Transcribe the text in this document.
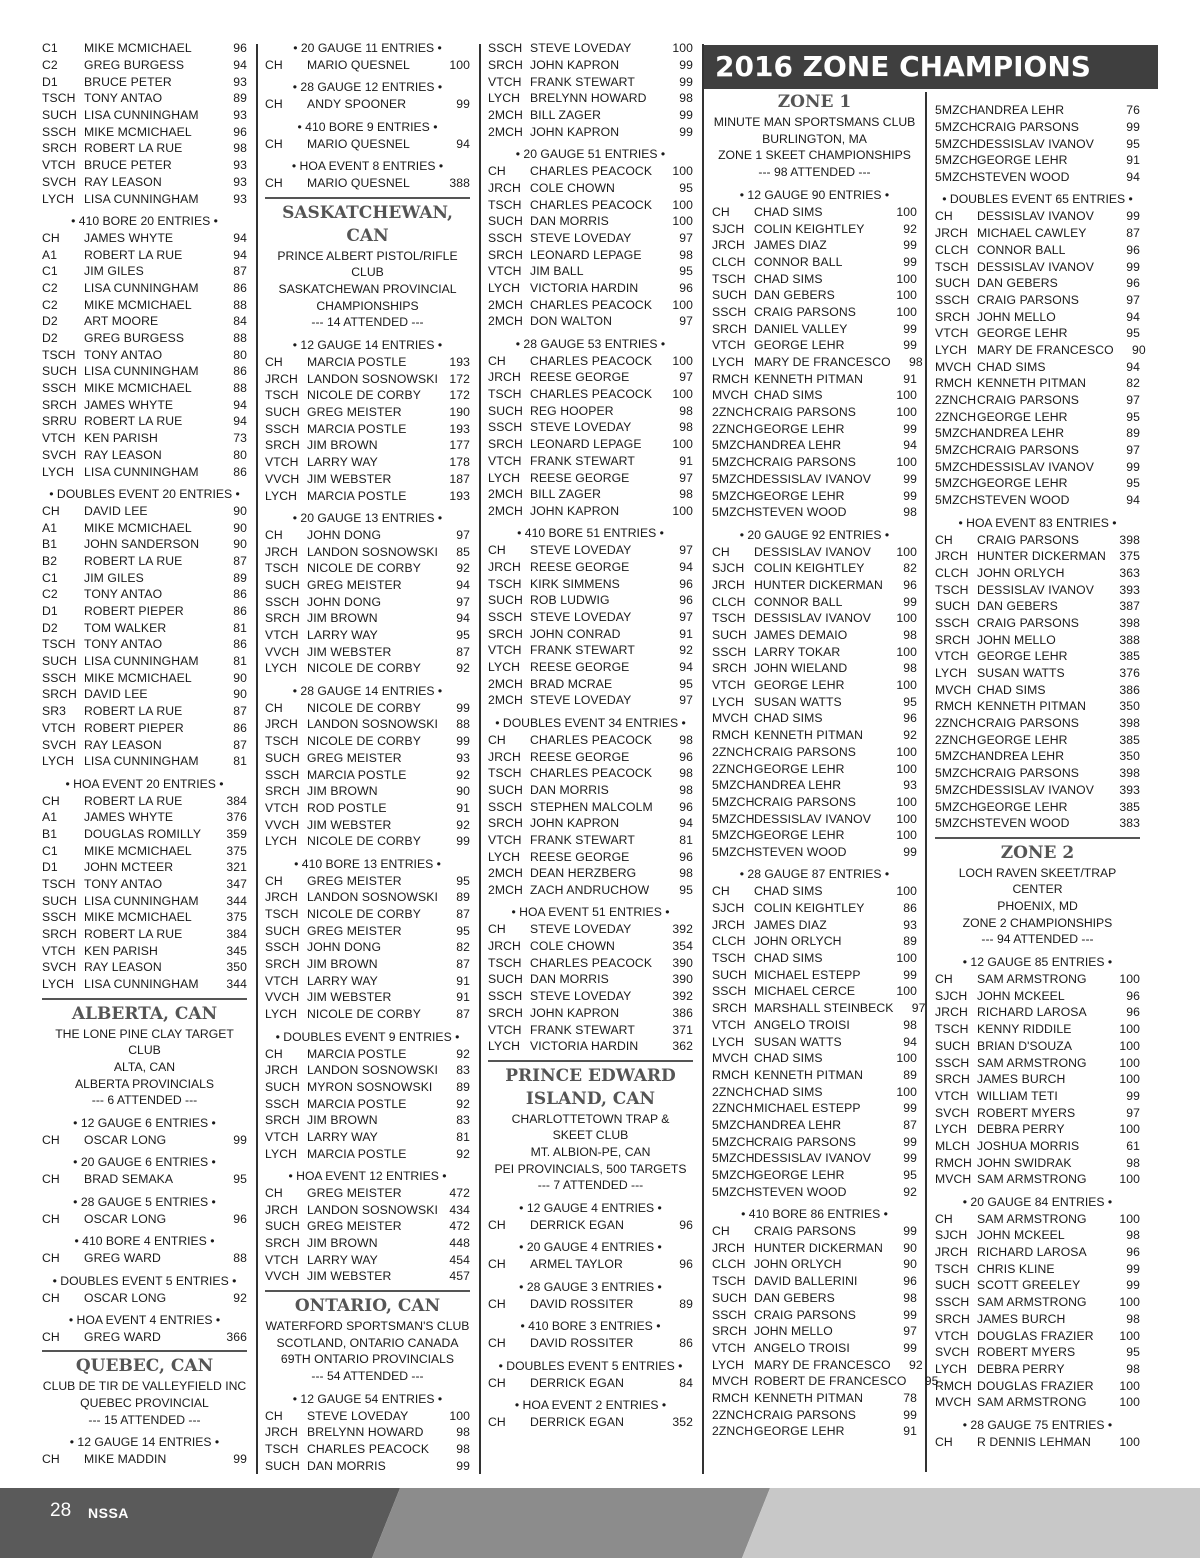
2016 ZONE CHAMPIONS
C1	MIKE MCMICHAEL	96
C2	GREG BURGESS	94
D1	BRUCE PETER	93
TSCH TONY ANTAO	89
SUCH LISA CUNNINGHAM	93
SSCH MIKE MCMICHAEL	96
SRCH ROBERT LA RUE	98
VTCH BRUCE PETER	93
SVCH RAY LEASON	93
LYCH LISA CUNNINGHAM	93
• 410 BORE 20 ENTRIES •
CH	JAMES WHYTE	94
A1	ROBERT LA RUE	94
C1	JIM GILES	87
C2	LISA CUNNINGHAM	86
C2	MIKE MCMICHAEL	88
D2	ART MOORE	84
D2	GREG BURGESS	88
TSCH TONY ANTAO	80
SUCH LISA CUNNINGHAM	86
SSCH MIKE MCMICHAEL	88
SRCH JAMES WHYTE	94
SRRU ROBERT LA RUE	94
VTCH KEN PARISH	73
SVCH RAY LEASON	80
LYCH LISA CUNNINGHAM	86
• DOUBLES EVENT 20 ENTRIES •
CH	DAVID LEE	90
A1	MIKE MCMICHAEL	90
B1	JOHN SANDERSON	90
B2	ROBERT LA RUE	87
C1	JIM GILES	89
C2	TONY ANTAO	86
D1	ROBERT PIEPER	86
D2	TOM WALKER	81
TSCH TONY ANTAO	86
SUCH LISA CUNNINGHAM	81
SSCH MIKE MCMICHAEL	90
SRCH DAVID LEE	90
SR3	ROBERT LA RUE	87
VTCH ROBERT PIEPER	86
SVCH RAY LEASON	87
LYCH LISA CUNNINGHAM	81
• HOA EVENT 20 ENTRIES •
CH	ROBERT LA RUE	384
A1	JAMES WHYTE	376
B1	DOUGLAS ROMILLY	359
C1	MIKE MCMICHAEL	375
D1	JOHN MCTEER	321
TSCH TONY ANTAO	347
SUCH LISA CUNNINGHAM	344
SSCH MIKE MCMICHAEL	375
SRCH ROBERT LA RUE	384
VTCH KEN PARISH	345
SVCH RAY LEASON	350
LYCH LISA CUNNINGHAM	344
ALBERTA, CAN
THE LONE PINE CLAY TARGET CLUB
ALTA, CAN
ALBERTA PROVINCIALS
--- 6 ATTENDED ---
• 12 GAUGE 6 ENTRIES •
CH	OSCAR LONG	99
• 20 GAUGE 6 ENTRIES •
CH	BRAD SEMAKA	95
• 28 GAUGE 5 ENTRIES •
CH	OSCAR LONG	96
• 410 BORE 4 ENTRIES •
CH	GREG WARD	88
• DOUBLES EVENT 5 ENTRIES •
CH	OSCAR LONG	92
• HOA EVENT 4 ENTRIES •
CH	GREG WARD	366
QUEBEC, CAN
CLUB DE TIR DE VALLEYFIELD INC
QUEBEC PROVINCIAL
--- 15 ATTENDED ---
• 12 GAUGE 14 ENTRIES •
CH	MIKE MADDIN	99
• 20 GAUGE 11 ENTRIES •
CH	MARIO QUESNEL	100
• 28 GAUGE 12 ENTRIES •
CH	ANDY SPOONER	99
• 410 BORE 9 ENTRIES •
CH	MARIO QUESNEL	94
• HOA EVENT 8 ENTRIES •
CH	MARIO QUESNEL	388
SASKATCHEWAN, CAN
PRINCE ALBERT PISTOL/RIFLE CLUB
SASKATCHEWAN PROVINCIAL
CHAMPIONSHIPS
--- 14 ATTENDED ---
• 12 GAUGE 14 ENTRIES •
CH	MARCIA POSTLE	193
JRCH LANDON SOSNOWSKI 172
TSCH NICOLE DE CORBY	172
SUCH GREG MEISTER	190
SSCH MARCIA POSTLE	193
SRCH JIM BROWN	177
VTCH LARRY WAY	178
VVCH JIM WEBSTER	187
LYCH MARCIA POSTLE	193
• 20 GAUGE 13 ENTRIES •
CH	JOHN DONG	97
JRCH LANDON SOSNOWSKI	85
TSCH NICOLE DE CORBY	92
SUCH GREG MEISTER	94
SSCH JOHN DONG	97
SRCH JIM BROWN	94
VTCH LARRY WAY	95
VVCH JIM WEBSTER	87
LYCH NICOLE DE CORBY	92
• 28 GAUGE 14 ENTRIES •
CH	NICOLE DE CORBY	99
JRCH LANDON SOSNOWSKI	88
TSCH NICOLE DE CORBY	99
SUCH GREG MEISTER	93
SSCH MARCIA POSTLE	92
SRCH JIM BROWN	90
VTCH ROD POSTLE	91
VVCH JIM WEBSTER	92
LYCH NICOLE DE CORBY	99
• 410 BORE 13 ENTRIES •
CH	GREG MEISTER	95
JRCH LANDON SOSNOWSKI	89
TSCH NICOLE DE CORBY	87
SUCH GREG MEISTER	95
SSCH JOHN DONG	82
SRCH JIM BROWN	87
VTCH LARRY WAY	91
VVCH JIM WEBSTER	91
LYCH NICOLE DE CORBY	87
• DOUBLES EVENT 9 ENTRIES •
CH	MARCIA POSTLE	92
JRCH LANDON SOSNOWSKI	83
SUCH MYRON SOSNOWSKI	89
SSCH MARCIA POSTLE	92
SRCH JIM BROWN	83
VTCH LARRY WAY	81
LYCH MARCIA POSTLE	92
• HOA EVENT 12 ENTRIES •
CH	GREG MEISTER	472
JRCH LANDON SOSNOWSKI 434
SUCH GREG MEISTER	472
SRCH JIM BROWN	448
VTCH LARRY WAY	454
VVCH JIM WEBSTER	457
ONTARIO, CAN
WATERFORD SPORTSMAN'S CLUB
SCOTLAND, ONTARIO CANADA
69TH ONTARIO PROVINCIALS
--- 54 ATTENDED ---
• 12 GAUGE 54 ENTRIES •
CH	STEVE LOVEDAY	100
JRCH BRELYNN HOWARD	98
TSCH CHARLES PEACOCK	98
SUCH DAN MORRIS	99
SSCH STEVE LOVEDAY	100
SRCH JOHN KAPRON	99
VTCH FRANK STEWART	99
LYCH BRELYNN HOWARD	98
2MCH BILL ZAGER	99
2MCH JOHN KAPRON	99
• 20 GAUGE 51 ENTRIES •
CH	CHARLES PEACOCK	100
JRCH COLE CHOWN	95
TSCH CHARLES PEACOCK	100
SUCH DAN MORRIS	100
SSCH STEVE LOVEDAY	97
SRCH LEONARD LEPAGE	98
VTCH JIM BALL	95
LYCH VICTORIA HARDIN	96
2MCH CHARLES PEACOCK	100
2MCH DON WALTON	97
• 28 GAUGE 53 ENTRIES •
CH	CHARLES PEACOCK	100
JRCH REESE GEORGE	97
TSCH CHARLES PEACOCK	100
SUCH REG HOOPER	98
SSCH STEVE LOVEDAY	98
SRCH LEONARD LEPAGE	100
VTCH FRANK STEWART	91
LYCH REESE GEORGE	97
2MCH BILL ZAGER	98
2MCH JOHN KAPRON	100
• 410 BORE 51 ENTRIES •
CH	STEVE LOVEDAY	97
JRCH REESE GEORGE	94
TSCH KIRK SIMMENS	96
SUCH ROB LUDWIG	96
SSCH STEVE LOVEDAY	97
SRCH JOHN CONRAD	91
VTCH FRANK STEWART	92
LYCH REESE GEORGE	94
2MCH BRAD MCRAE	95
2MCH STEVE LOVEDAY	97
• DOUBLES EVENT 34 ENTRIES •
CH	CHARLES PEACOCK	98
JRCH REESE GEORGE	96
TSCH CHARLES PEACOCK	98
SUCH DAN MORRIS	98
SSCH STEPHEN MALCOLM	96
SRCH JOHN KAPRON	94
VTCH FRANK STEWART	81
LYCH REESE GEORGE	96
2MCH DEAN HERZBERG	98
2MCH ZACH ANDRUCHOW	95
• HOA EVENT 51 ENTRIES •
CH	STEVE LOVEDAY	392
JRCH COLE CHOWN	354
TSCH CHARLES PEACOCK	390
SUCH DAN MORRIS	390
SSCH STEVE LOVEDAY	392
SRCH JOHN KAPRON	386
VTCH FRANK STEWART	371
LYCH VICTORIA HARDIN	362
PRINCE EDWARD ISLAND, CAN
CHARLOTTETOWN TRAP &
SKEET CLUB
MT. ALBION-PE, CAN
PEI PROVINCIALS, 500 TARGETS
--- 7 ATTENDED ---
• 12 GAUGE 4 ENTRIES •
CH	DERRICK EGAN	96
• 20 GAUGE 4 ENTRIES •
CH	ARMEL TAYLOR	96
• 28 GAUGE 3 ENTRIES •
CH	DAVID ROSSITER	89
• 410 BORE 3 ENTRIES •
CH	DAVID ROSSITER	86
• DOUBLES EVENT 5 ENTRIES •
CH	DERRICK EGAN	84
• HOA EVENT 2 ENTRIES •
CH	DERRICK EGAN	352
ZONE 1
MINUTE MAN SPORTSMANS CLUB
BURLINGTON, MA
ZONE 1 SKEET CHAMPIONSHIPS
--- 98 ATTENDED ---
• 12 GAUGE 90 ENTRIES •
CH	CHAD SIMS	100
SJCH COLIN KEIGHTLEY	92
JRCH JAMES DIAZ	99
CLCH CONNOR BALL	99
TSCH CHAD SIMS	100
SUCH DAN GEBERS	100
SSCH CRAIG PARSONS	100
SRCH DANIEL VALLEY	99
VTCH GEORGE LEHR	99
LYCH MARY DE FRANCESCO	98
RMCH KENNETH PITMAN	91
MVCH CHAD SIMS	100
2ZNCH CRAIG PARSONS	100
2ZNCH GEORGE LEHR	99
5MZCH ANDREA LEHR	94
5MZCH CRAIG PARSONS	100
5MZCH DESSISLAV IVANOV	99
5MZCH GEORGE LEHR	99
5MZCH STEVEN WOOD	98
• 20 GAUGE 92 ENTRIES •
CH	DESSISLAV IVANOV	100
SJCH COLIN KEIGHTLEY	82
JRCH HUNTER DICKERMAN	96
CLCH CONNOR BALL	99
TSCH DESSISLAV IVANOV	100
SUCH JAMES DEMAIO	98
SSCH LARRY TOKAR	100
SRCH JOHN WIELAND	98
VTCH GEORGE LEHR	100
LYCH SUSAN WATTS	95
MVCH CHAD SIMS	96
RMCH KENNETH PITMAN	92
2ZNCH CRAIG PARSONS	100
2ZNCH GEORGE LEHR	100
5MZCH ANDREA LEHR	93
5MZCH CRAIG PARSONS	100
5MZCH DESSISLAV IVANOV	100
5MZCH GEORGE LEHR	100
5MZCH STEVEN WOOD	99
• 28 GAUGE 87 ENTRIES •
CH	CHAD SIMS	100
SJCH COLIN KEIGHTLEY	86
JRCH JAMES DIAZ	93
CLCH JOHN ORLYCH	89
TSCH CHAD SIMS	100
SUCH MICHAEL ESTEPP	99
SSCH MICHAEL CERCE	100
SRCH MARSHALL STEINBECK	97
VTCH ANGELO TROISI	98
LYCH SUSAN WATTS	94
MVCH CHAD SIMS	100
RMCH KENNETH PITMAN	89
2ZNCH CHAD SIMS	100
2ZNCH MICHAEL ESTEPP	99
5MZCH ANDREA LEHR	87
5MZCH CRAIG PARSONS	99
5MZCH DESSISLAV IVANOV	99
5MZCH GEORGE LEHR	95
5MZCH STEVEN WOOD	92
• 410 BORE 86 ENTRIES •
CH	CRAIG PARSONS	99
JRCH HUNTER DICKERMAN	90
CLCH JOHN ORLYCH	90
TSCH DAVID BALLERINI	96
SUCH DAN GEBERS	98
SSCH CRAIG PARSONS	99
SRCH JOHN MELLO	97
VTCH ANGELO TROISI	99
LYCH MARY DE FRANCESCO	92
MVCH ROBERT DE FRANCESCO	95
RMCH KENNETH PITMAN	78
2ZNCH CRAIG PARSONS	99
2ZNCH GEORGE LEHR	91
5MZCH ANDREA LEHR	76
5MZCH CRAIG PARSONS	99
5MZCH DESSISLAV IVANOV	95
5MZCH GEORGE LEHR	91
5MZCH STEVEN WOOD	94
• DOUBLES EVENT 65 ENTRIES •
CH	DESSISLAV IVANOV	99
JRCH MICHAEL CAWLEY	87
CLCH CONNOR BALL	96
TSCH DESSISLAV IVANOV	99
SUCH DAN GEBERS	96
SSCH CRAIG PARSONS	97
SRCH JOHN MELLO	94
VTCH GEORGE LEHR	95
LYCH MARY DE FRANCESCO	90
MVCH CHAD SIMS	94
RMCH KENNETH PITMAN	82
2ZNCH CRAIG PARSONS	97
2ZNCH GEORGE LEHR	95
5MZCH ANDREA LEHR	89
5MZCH CRAIG PARSONS	97
5MZCH DESSISLAV IVANOV	99
5MZCH GEORGE LEHR	95
5MZCH STEVEN WOOD	94
• HOA EVENT 83 ENTRIES •
CH	CRAIG PARSONS	398
JRCH HUNTER DICKERMAN	375
CLCH JOHN ORLYCH	363
TSCH DESSISLAV IVANOV	393
SUCH DAN GEBERS	387
SSCH CRAIG PARSONS	398
SRCH JOHN MELLO	388
VTCH GEORGE LEHR	385
LYCH SUSAN WATTS	376
MVCH CHAD SIMS	386
RMCH KENNETH PITMAN	350
2ZNCH CRAIG PARSONS	398
2ZNCH GEORGE LEHR	385
5MZCH ANDREA LEHR	350
5MZCH CRAIG PARSONS	398
5MZCH DESSISLAV IVANOV	393
5MZCH GEORGE LEHR	385
5MZCH STEVEN WOOD	383
ZONE 2
LOCH RAVEN SKEET/TRAP CENTER
PHOENIX, MD
ZONE 2 CHAMPIONSHIPS
--- 94 ATTENDED ---
• 12 GAUGE 85 ENTRIES •
CH	SAM ARMSTRONG	100
SJCH JOHN MCKEEL	96
JRCH RICHARD LAROSA	96
TSCH KENNY RIDDILE	100
SUCH BRIAN D'SOUZA	100
SSCH SAM ARMSTRONG	100
SRCH JAMES BURCH	100
VTCH WILLIAM TETI	99
SVCH ROBERT MYERS	97
LYCH DEBRA PERRY	100
MLCH JOSHUA MORRIS	61
RMCH JOHN SWIDRAK	98
MVCH SAM ARMSTRONG	100
• 20 GAUGE 84 ENTRIES •
CH	SAM ARMSTRONG	100
SJCH JOHN MCKEEL	98
JRCH RICHARD LAROSA	96
TSCH CHRIS KLINE	99
SUCH SCOTT GREELEY	99
SSCH SAM ARMSTRONG	100
SRCH JAMES BURCH	98
VTCH DOUGLAS FRAZIER	100
SVCH ROBERT MYERS	95
LYCH DEBRA PERRY	98
RMCH DOUGLAS FRAZIER	100
MVCH SAM ARMSTRONG	100
• 28 GAUGE 75 ENTRIES •
CH	R DENNIS LEHMAN	100
28 NSSA
